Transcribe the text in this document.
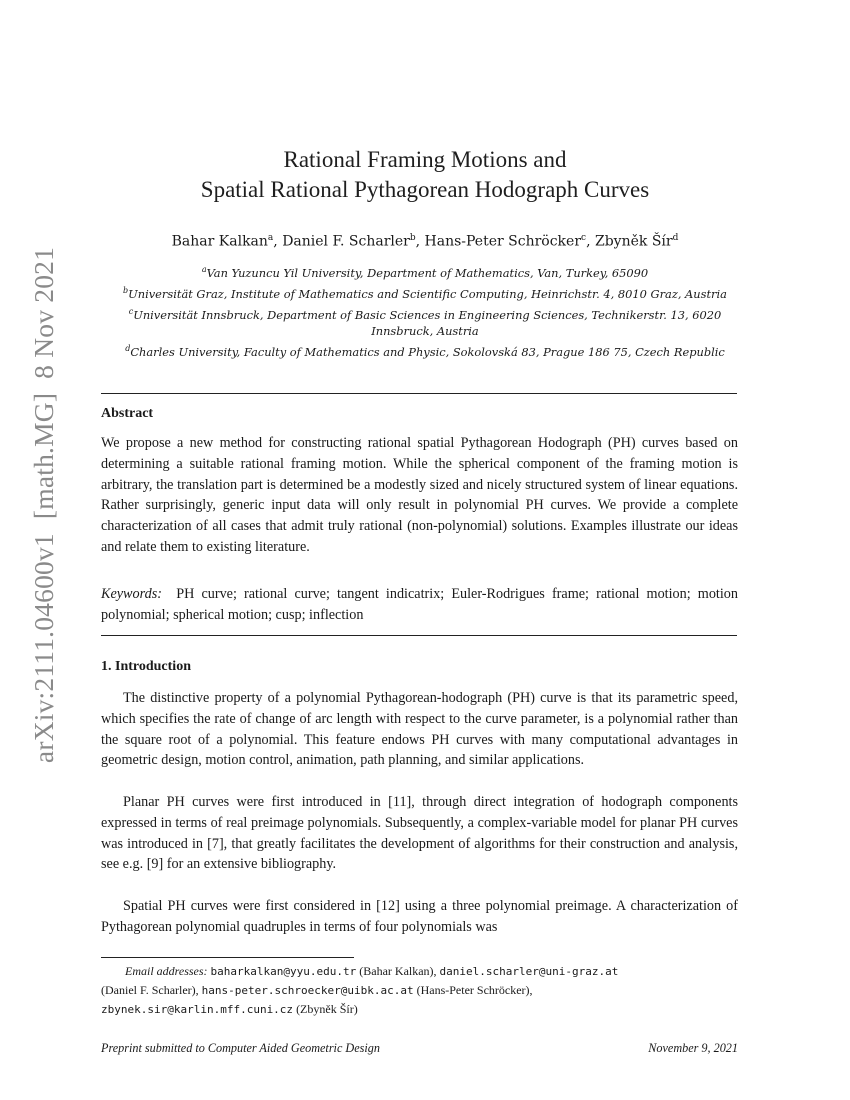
arXiv:2111.04600v1[math.MG]8 Nov 2021
Rational Framing Motions and
Spatial Rational Pythagorean Hodograph Curves
Bahar Kalkan$^a$, Daniel F. Scharler$^b$, Hans-Peter Schröcker$^c$, Zbyněk Šír$^d$
$^a$Van Yuzuncu Yil University, Department of Mathematics, Van, Turkey, 65090
$^b$Universität Graz, Institute of Mathematics and Scientific Computing, Heinrichstr. 4, 8010 Graz, Austria
$^c$Universität Innsbruck, Department of Basic Sciences in Engineering Sciences, Technikerstr. 13, 6020
Innsbruck, Austria
$^d$Charles University, Faculty of Mathematics and Physic, Sokolovská 83, Prague 186 75, Czech Republic
Abstract
We propose a new method for constructing rational spatial Pythagorean Hodograph (PH) curves based on determining a suitable rational framing motion. While the spherical component of the framing motion is arbitrary, the translation part is determined be a modestly sized and nicely structured system of linear equations. Rather surprisingly, generic input data will only result in polynomial PH curves. We provide a complete characterization of all cases that admit truly rational (non-polynomial) solutions. Examples illustrate our ideas and relate them to existing literature.
Keywords: PH curve; rational curve; tangent indicatrix; Euler-Rodrigues frame; rational motion; motion polynomial; spherical motion; cusp; inflection
1. Introduction
The distinctive property of a polynomial Pythagorean-hodograph (PH) curve is that its parametric speed, which specifies the rate of change of arc length with respect to the curve parameter, is a polynomial rather than the square root of a polynomial. This feature endows PH curves with many computational advantages in geometric design, motion control, animation, path planning, and similar applications.
Planar PH curves were first introduced in [11], through direct integration of hodograph components expressed in terms of real preimage polynomials. Subsequently, a complex-variable model for planar PH curves was introduced in [7], that greatly facilitates the development of algorithms for their construction and analysis, see e.g. [9] for an extensive bibliography.
Spatial PH curves were first considered in [12] using a three polynomial preimage. A characterization of Pythagorean polynomial quadruples in terms of four polynomials was
Email addresses: baharkalkan@yyu.edu.tr (Bahar Kalkan), daniel.scharler@uni-graz.at
(Daniel F. Scharler), hans-peter.schroecker@uibk.ac.at (Hans-Peter Schröcker),
zbynek.sir@karlin.mff.cuni.cz (Zbyněk Šír)
Preprint submitted to Computer Aided Geometric Design	November 9, 2021
